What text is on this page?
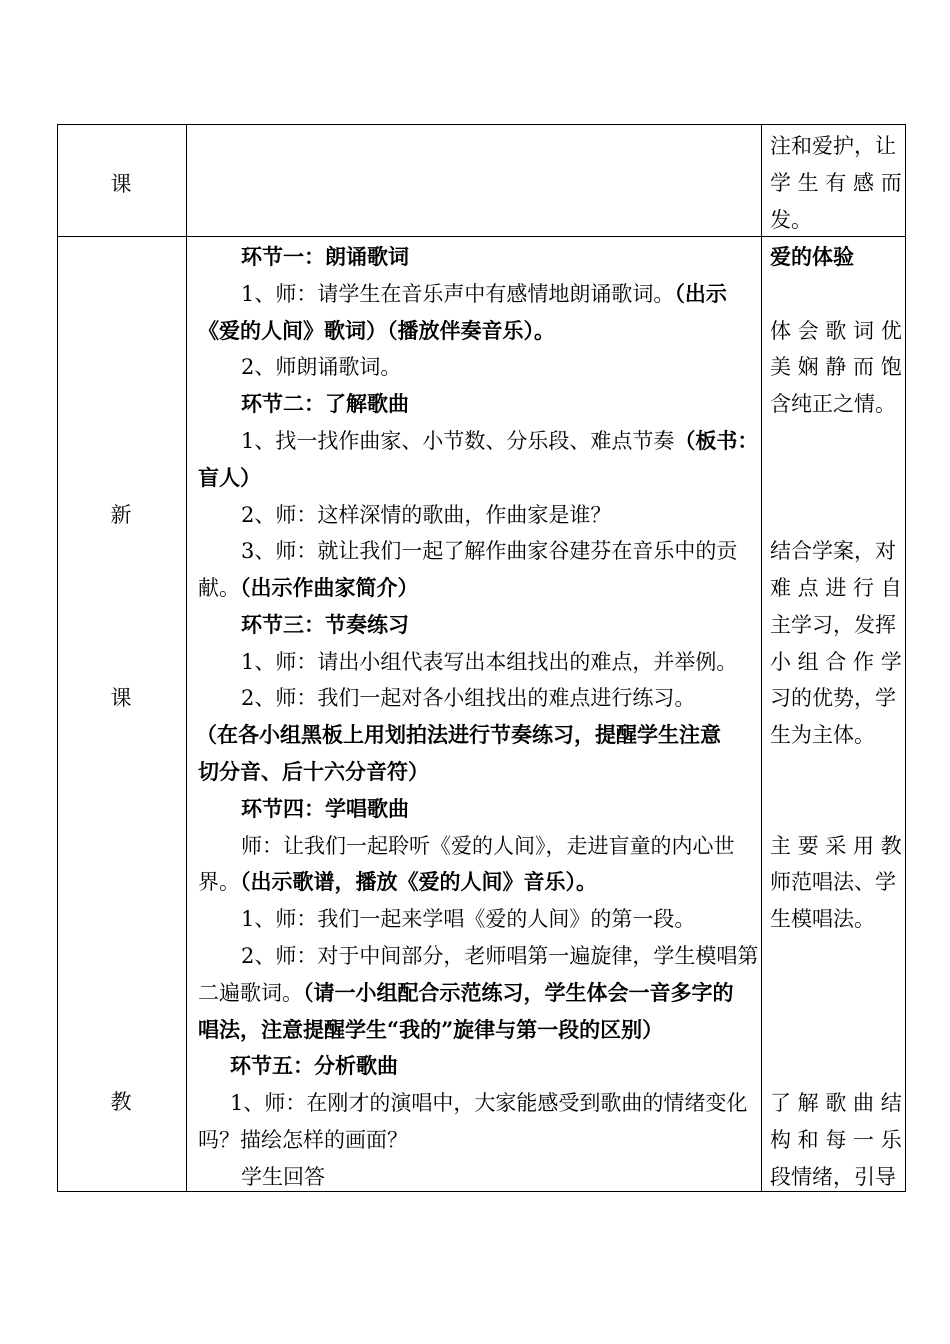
课
新
课
教
注和爱护，让
学 生 有 感 而
发。
环节一：朗诵歌词
1、师：请学生在音乐声中有感情地朗诵歌词。（出示
《爱的人间》歌词）（播放伴奏音乐）。
2、师朗诵歌词。
环节二：了解歌曲
1、找一找作曲家、小节数、分乐段、难点节奏（板书：
盲人）
2、师：这样深情的歌曲，作曲家是谁？
3、师：就让我们一起了解作曲家谷建芬在音乐中的贡
献。（出示作曲家简介）
环节三：节奏练习
1、师：请出小组代表写出本组找出的难点，并举例。
2、师：我们一起对各小组找出的难点进行练习。
（在各小组黑板上用划拍法进行节奏练习，提醒学生注意
切分音、后十六分音符）
环节四：学唱歌曲
师：让我们一起聆听《爱的人间》，走进盲童的内心世
界。（出示歌谱，播放《爱的人间》音乐）。
1、师：我们一起来学唱《爱的人间》的第一段。
2、师：对于中间部分，老师唱第一遍旋律，学生模唱第
二遍歌词。（请一小组配合示范练习，学生体会一音多字的
唱法，注意提醒学生“我的”旋律与第一段的区别）
环节五：分析歌曲
1、师：在刚才的演唱中，大家能感受到歌曲的情绪变化
吗？描绘怎样的画面？
学生回答
爱的体验
体 会 歌 词 优
美 娴 静 而 饱
含纯正之情。
结合学案，对
难 点 进 行 自
主学习，发挥
小 组 合 作 学
习的优势，学
生为主体。
主 要 采 用 教
师范唱法、学
生模唱法。
了 解 歌 曲 结
构 和 每 一 乐
段情绪，引导
